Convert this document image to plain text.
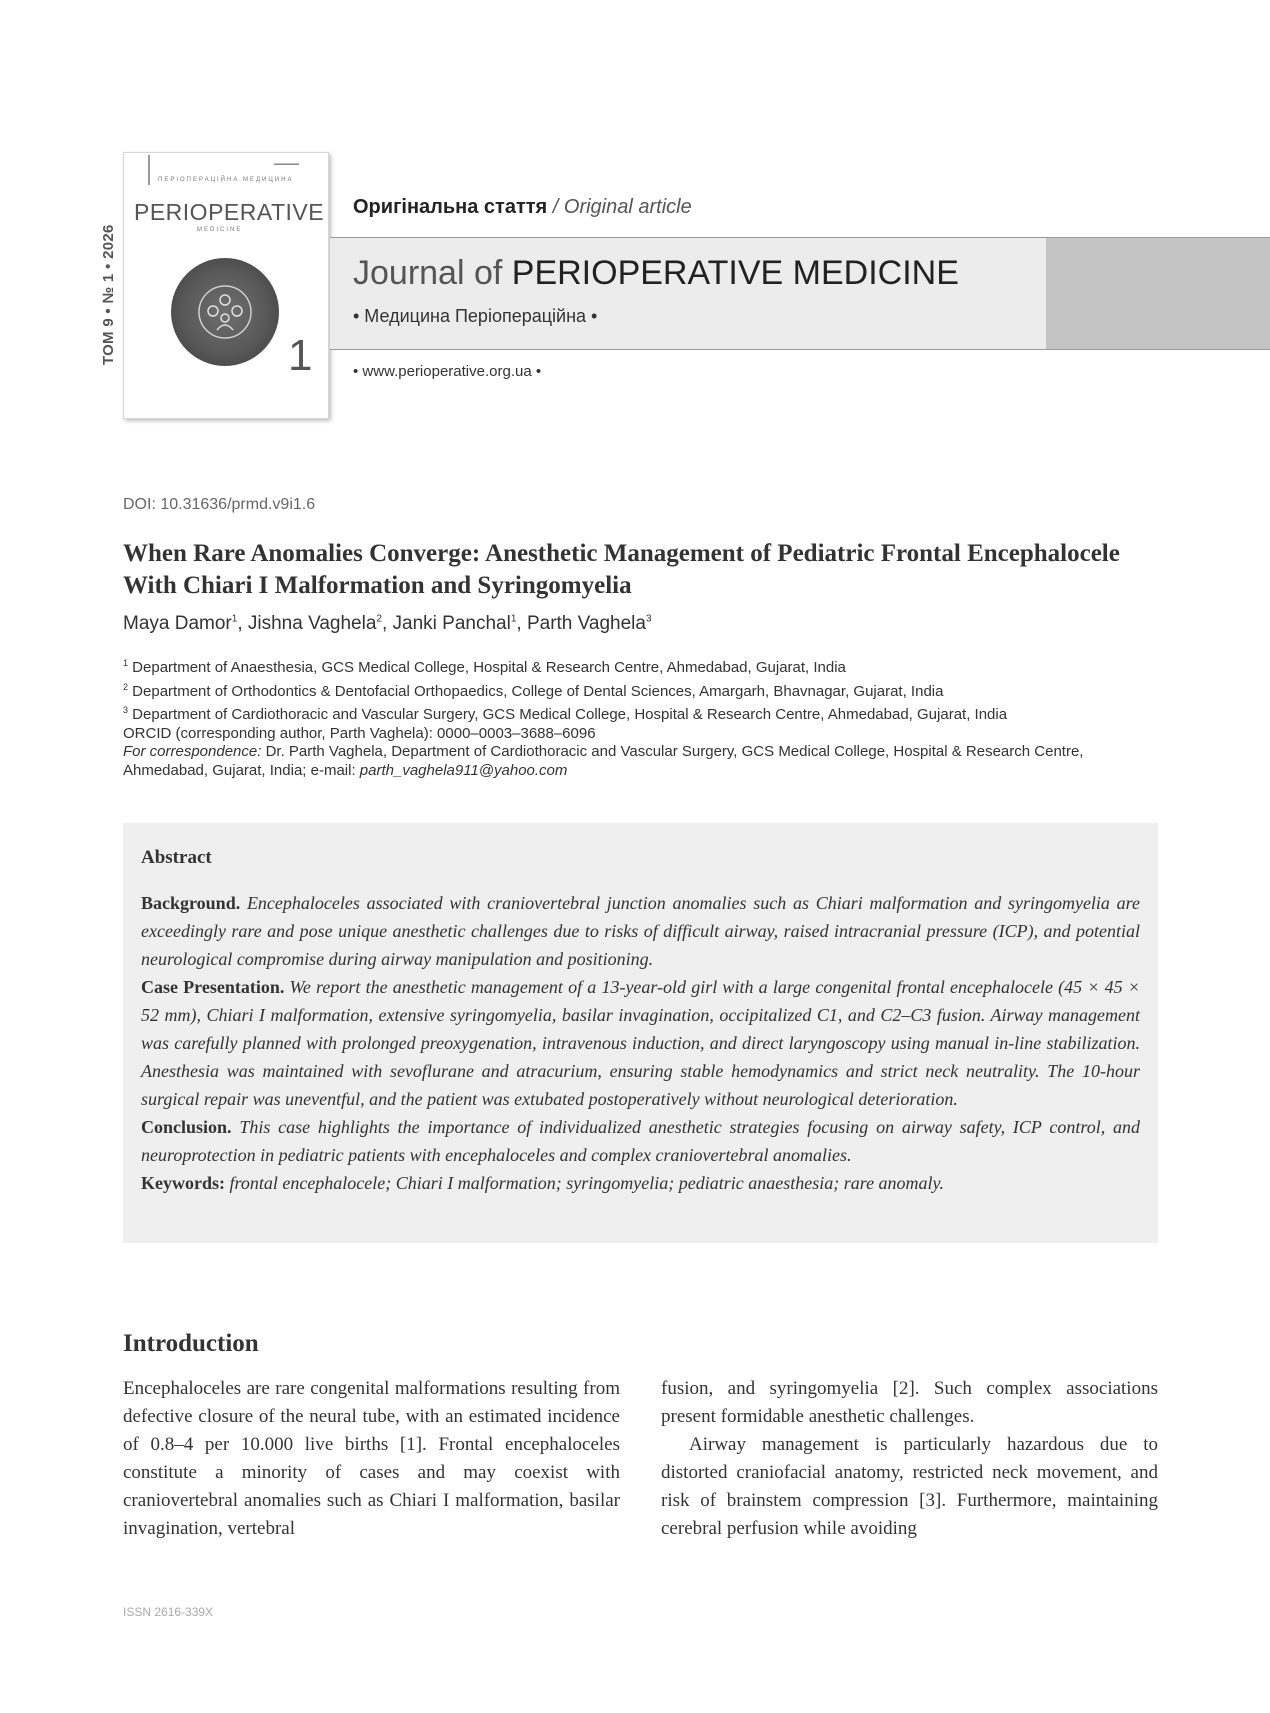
ТОМ 9 • № 1 • 2026
▬▬▬▬▬
ПЕРІОПЕРАЦІЙНА МЕДИЦИНА
PERIOPERATIVE
MEDICINE
1
Оригінальна стаття / Original article
Journal of PERIOPERATIVE MEDICINE
• Медицина Періопераційна •
• www.perioperative.org.ua •
DOI: 10.31636/prmd.v9i1.6
When Rare Anomalies Converge: Anesthetic Management of Pediatric Frontal Encephalocele
With Chiari I Malformation and Syringomyelia
Maya Damor$^1$, Jishna Vaghela$^2$, Janki Panchal$^1$, Parth Vaghela$^3$
$^1$ Department of Anaesthesia, GCS Medical College, Hospital & Research Centre, Ahmedabad, Gujarat, India
$^2$ Department of Orthodontics & Dentofacial Orthopaedics, College of Dental Sciences, Amargarh, Bhavnagar, Gujarat, India
$^3$ Department of Cardiothoracic and Vascular Surgery, GCS Medical College, Hospital & Research Centre, Ahmedabad, Gujarat, India
ORCID (corresponding author, Parth Vaghela): 0000–0003–3688–6096
For correspondence: Dr. Parth Vaghela, Department of Cardiothoracic and Vascular Surgery, GCS Medical College, Hospital & Research Centre,
Ahmedabad, Gujarat, India; e-mail: parth_vaghela911@yahoo.com
Abstract

Background. Encephaloceles associated with craniovertebral junction anomalies such as Chiari malformation and syringomyelia are exceedingly rare and pose unique anesthetic challenges due to risks of difficult airway, raised intracranial pressure (ICP), and potential neurological compromise during airway manipulation and positioning.

Case Presentation. We report the anesthetic management of a 13-year-old girl with a large congenital frontal encephalocele (45 × 45 × 52 mm), Chiari I malformation, extensive syringomyelia, basilar invagination, occipitalized C1, and C2–C3 fusion. Airway management was carefully planned with prolonged preoxygenation, intravenous induction, and direct laryngoscopy using manual in-line stabilization. Anesthesia was maintained with sevoflurane and atracurium, ensuring stable hemodynamics and strict neck neutrality. The 10-hour surgical repair was uneventful, and the patient was extubated postoperatively without neurological deterioration.

Conclusion. This case highlights the importance of individualized anesthetic strategies focusing on airway safety, ICP control, and neuroprotection in pediatric patients with encephaloceles and complex craniovertebral anomalies.

Keywords: frontal encephalocele; Chiari I malformation; syringomyelia; pediatric anaesthesia; rare anomaly.

Introduction

Encephaloceles are rare congenital malformations resulting from defective closure of the neural tube, with an estimated incidence of 0.8–4 per 10.000 live births [1]. Frontal encephaloceles constitute a minority of cases and may coexist with craniovertebral anomalies such as Chiari I malformation, basilar invagination, vertebral

fusion, and syringomyelia [2]. Such complex associations present formidable anesthetic challenges.

Airway management is particularly hazardous due to distorted craniofacial anatomy, restricted neck movement, and risk of brainstem compression [3]. Furthermore, maintaining cerebral perfusion while avoiding

ISSN 2616-339X
